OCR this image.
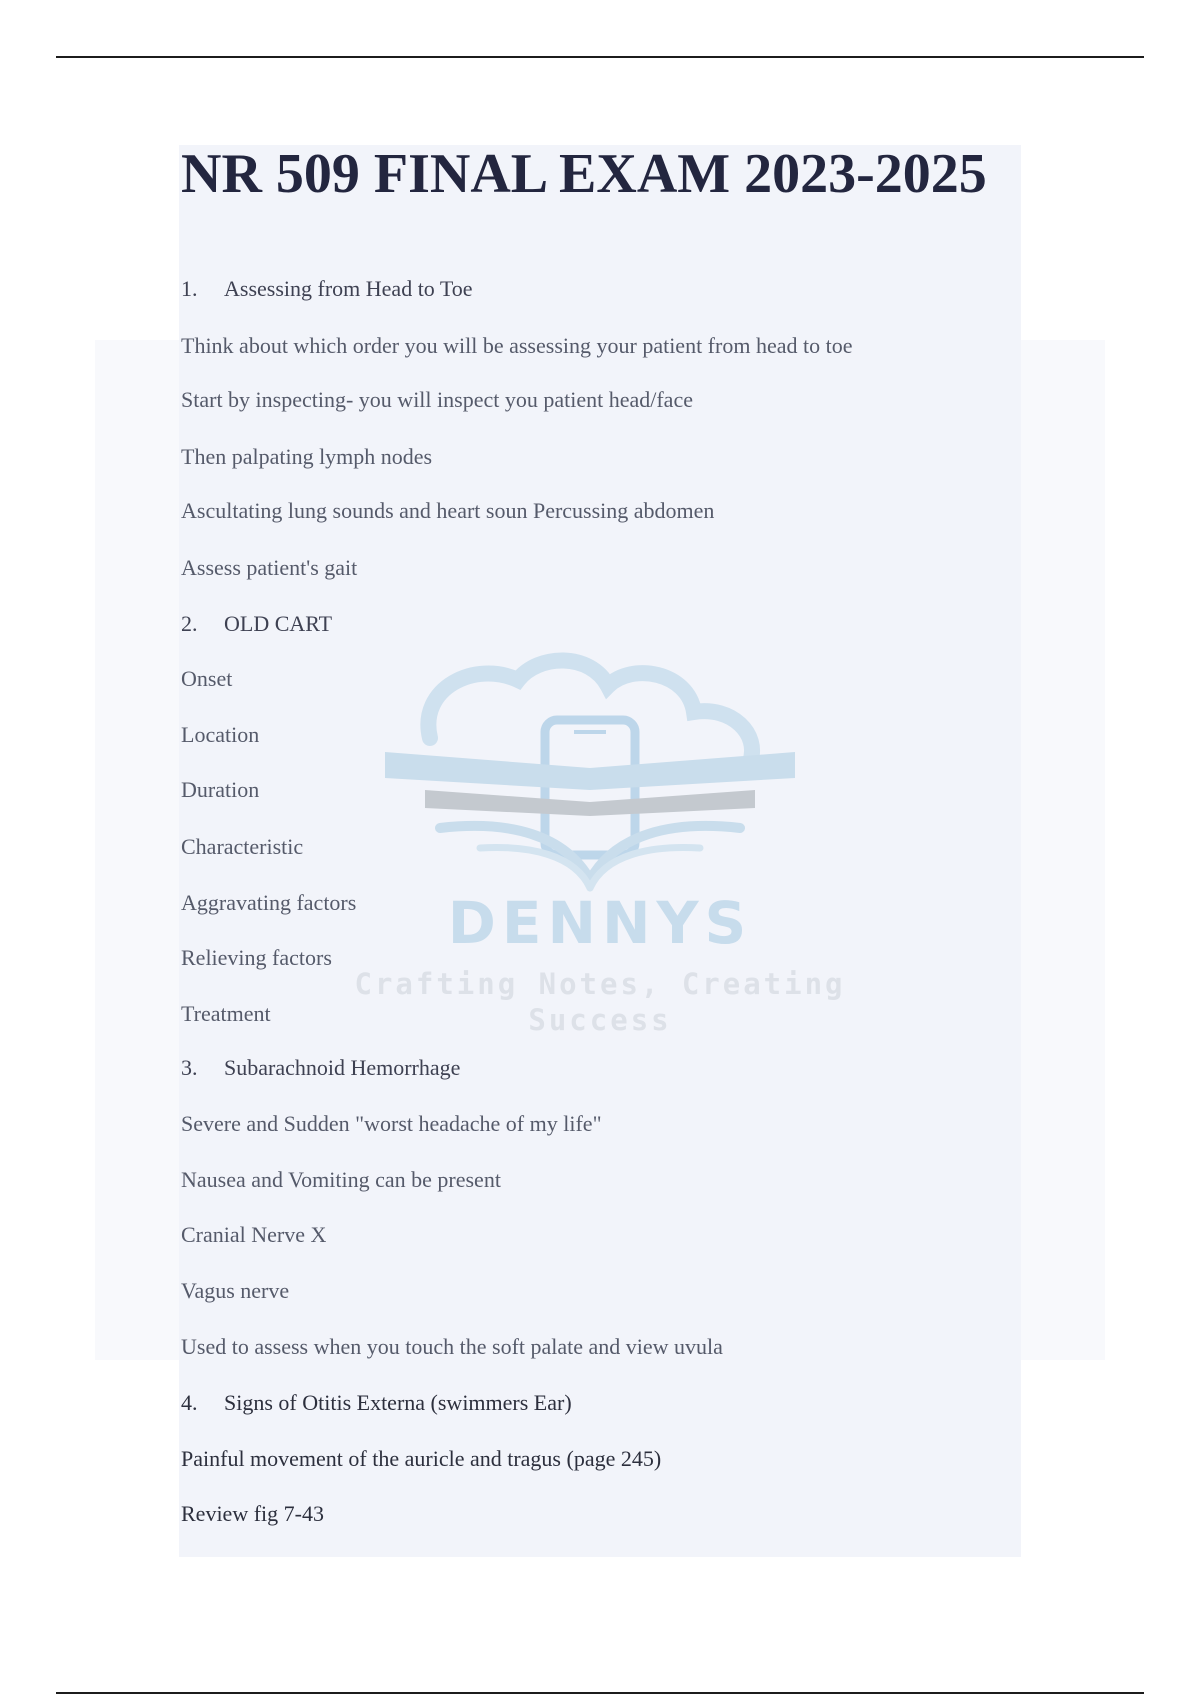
DENNYS
Crafting Notes, Creating Success
NR 509 FINAL EXAM 2023-2025
1. Assessing from Head to Toe
Think about which order you will be assessing your patient from head to toe
Start by inspecting- you will inspect you patient head/face
Then palpating lymph nodes
Ascultating lung sounds and heart soun Percussing abdomen
Assess patient's gait
2. OLD CART
Onset
Location
Duration
Characteristic
Aggravating factors
Relieving factors
Treatment
3. Subarachnoid Hemorrhage
Severe and Sudden "worst headache of my life"
Nausea and Vomiting can be present
Cranial Nerve X
Vagus nerve
Used to assess when you touch the soft palate and view uvula
4. Signs of Otitis Externa (swimmers Ear)
Painful movement of the auricle and tragus (page 245)
Review fig 7-43
